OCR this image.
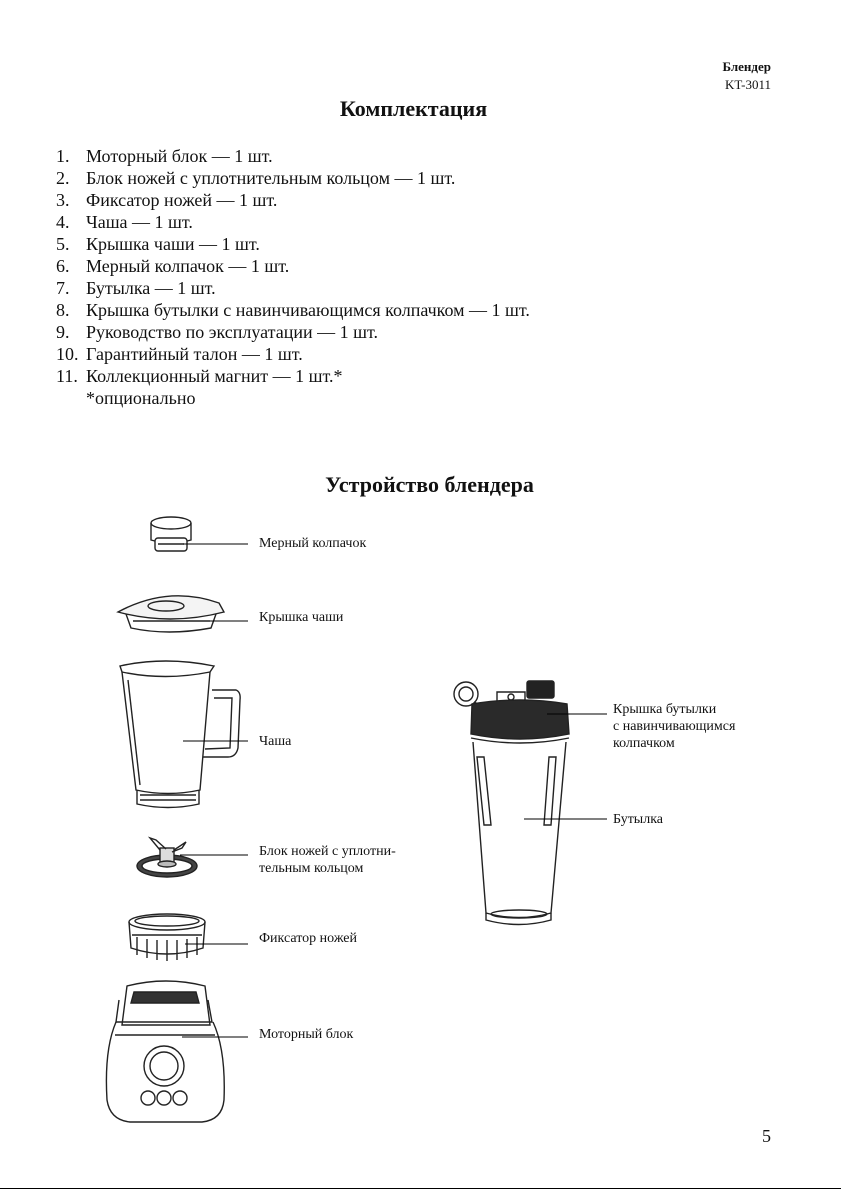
Блендер
KT-3011
Комплектация
1. Моторный блок — 1 шт.
2. Блок ножей с уплотнительным кольцом — 1 шт.
3. Фиксатор ножей — 1 шт.
4. Чаша — 1 шт.
5. Крышка чаши — 1 шт.
6. Мерный колпачок — 1 шт.
7. Бутылка — 1 шт.
8. Крышка бутылки с навинчивающимся колпачком — 1 шт.
9. Руководство по эксплуатации — 1 шт.
10. Гарантийный талон — 1 шт.
11. Коллекционный магнит — 1 шт.*
*опционально
Устройство блендера
Мерный колпачок
Крышка чаши
Чаша
Блок ножей с уплотни-
тельным кольцом
Фиксатор ножей
Моторный блок
Крышка бутылки
с навинчивающимся
колпачком
Бутылка
5
